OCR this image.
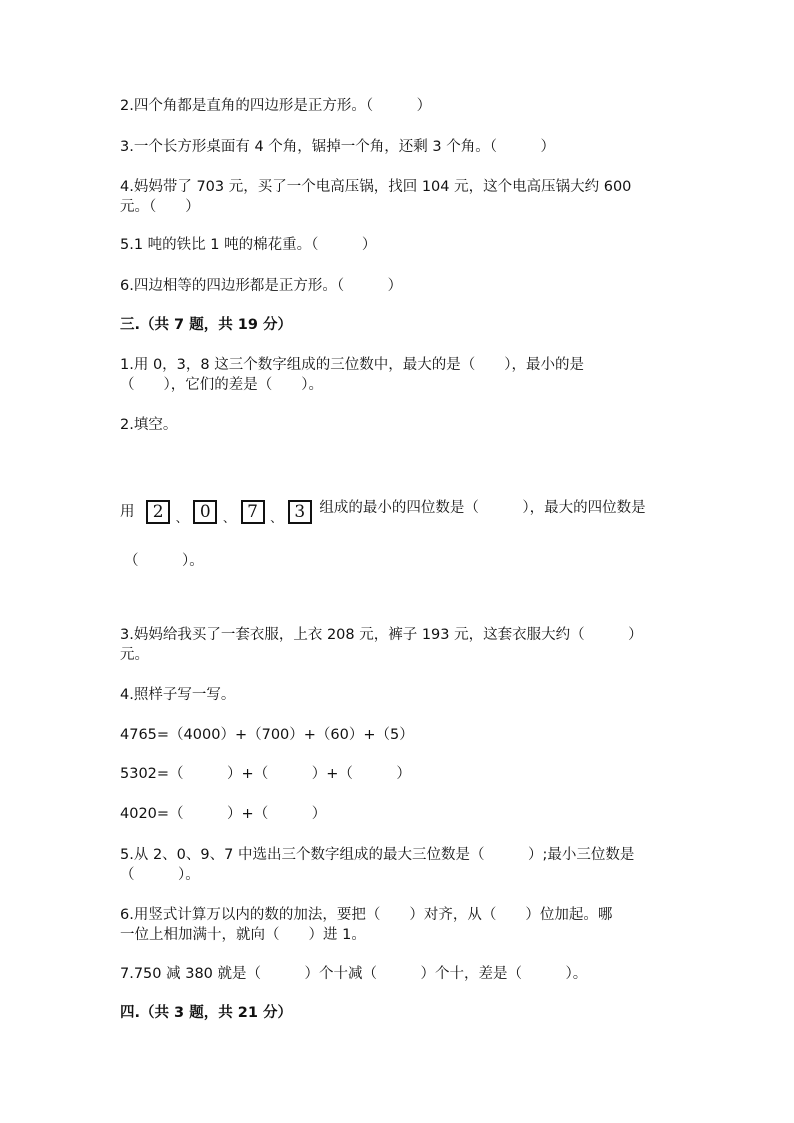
2.四个角都是直角的四边形是正方形。（　　　）
3.一个长方形桌面有 4 个角，锯掉一个角，还剩 3 个角。（　　　）
4.妈妈带了 703 元，买了一个电高压锅，找回 104 元，这个电高压锅大约 600
元。（　　）
5.1 吨的铁比 1 吨的棉花重。（　　　）
6.四边相等的四边形都是正方形。（　　　）
三.（共 7 题，共 19 分）
1.用 0，3，8 这三个数字组成的三位数中，最大的是（　　），最小的是
（　　），它们的差是（　　）。
2.填空。
用 2 、 0 、 7 、 3 组成的最小的四位数是（　　　），最大的四位数是
（　　　）。
3.妈妈给我买了一套衣服，上衣 208 元，裤子 193 元，这套衣服大约（　　　）
元。
4.照样子写一写。
4765=（4000）+（700）+（60）+（5）
5302=（　　　）+（　　　）+（　　　）
4020=（　　　）+（　　　）
5.从 2、0、9、7 中选出三个数字组成的最大三位数是（　　　）;最小三位数是
（　　　）。
6.用竖式计算万以内的数的加法，要把（　　）对齐，从（　　）位加起。哪
一位上相加满十，就向（　　）进 1。
7.750 减 380 就是（　　　）个十减（　　　）个十，差是（　　　）。
四.（共 3 题，共 21 分）
